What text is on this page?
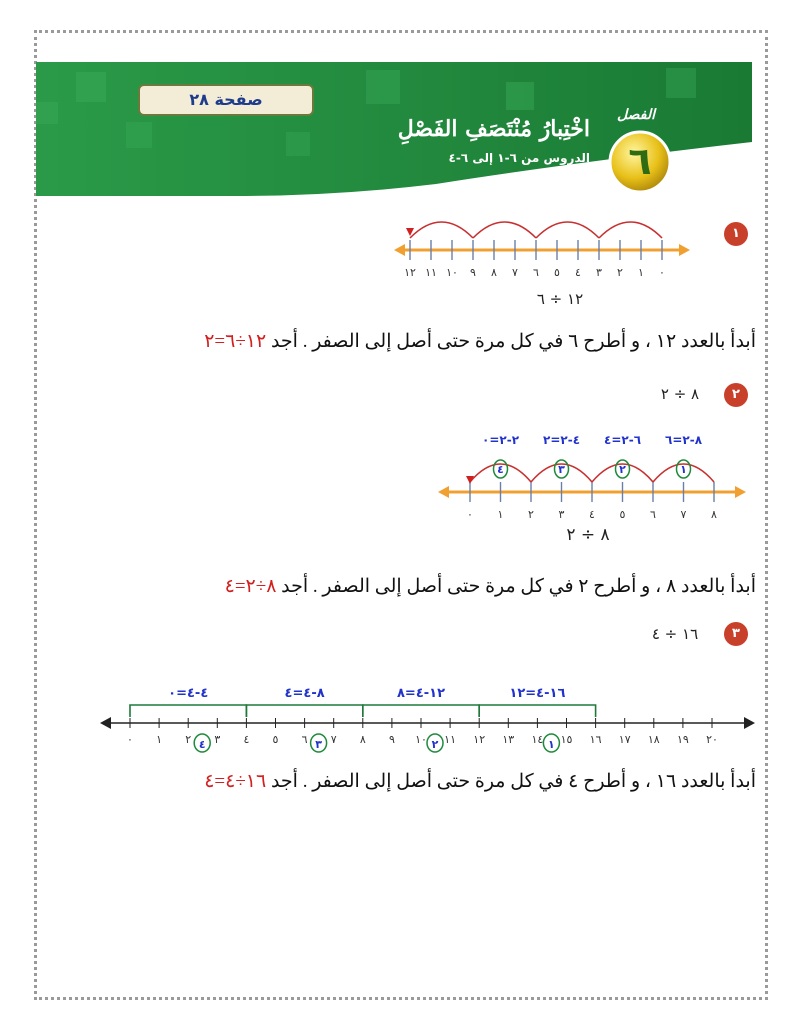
صفحة ٢٨
اخْتِبارُ مُنْتَصَفِ الفَصْلِ
الدروس من ٦-١ إلى ٦-٤
الفصل
٦
١
٠
١
٢
٣
٤
٥
٦
٧
٨
٩
١٠
١١
١٢
١٢ ÷ ٦
أبدأ بالعدد ١٢ ، و أطرح ٦ في كل مرة حتى أصل إلى الصفر . أجد ١٢÷٦=٢
٢
٨ ÷ ٢
٠ ١ ٢ ٣ ٤ ٥ ٦ ٧ ٨
٨-٢=٦
١
٦-٢=٤
٢
٤-٢=٢
٣
٢-٢=٠
٤
٨ ÷ ٢
أبدأ بالعدد ٨ ، و أطرح ٢ في كل مرة حتى أصل إلى الصفر . أجد ٨÷٢=٤
٣
١٦ ÷ ٤
٠ ١ ٢ ٣ ٤ ٥ ٦ ٧ ٨ ٩ ١٠ ١١ ١٢ ١٣ ١٤ ١٥ ١٦ ١٧ ١٨ ١٩ ٢٠
١٦-٤=١٢
١
١٢-٤=٨
٢
٨-٤=٤
٣
٤-٤=٠
٤
أبدأ بالعدد ١٦ ، و أطرح ٤ في كل مرة حتى أصل إلى الصفر . أجد ١٦÷٤=٤
